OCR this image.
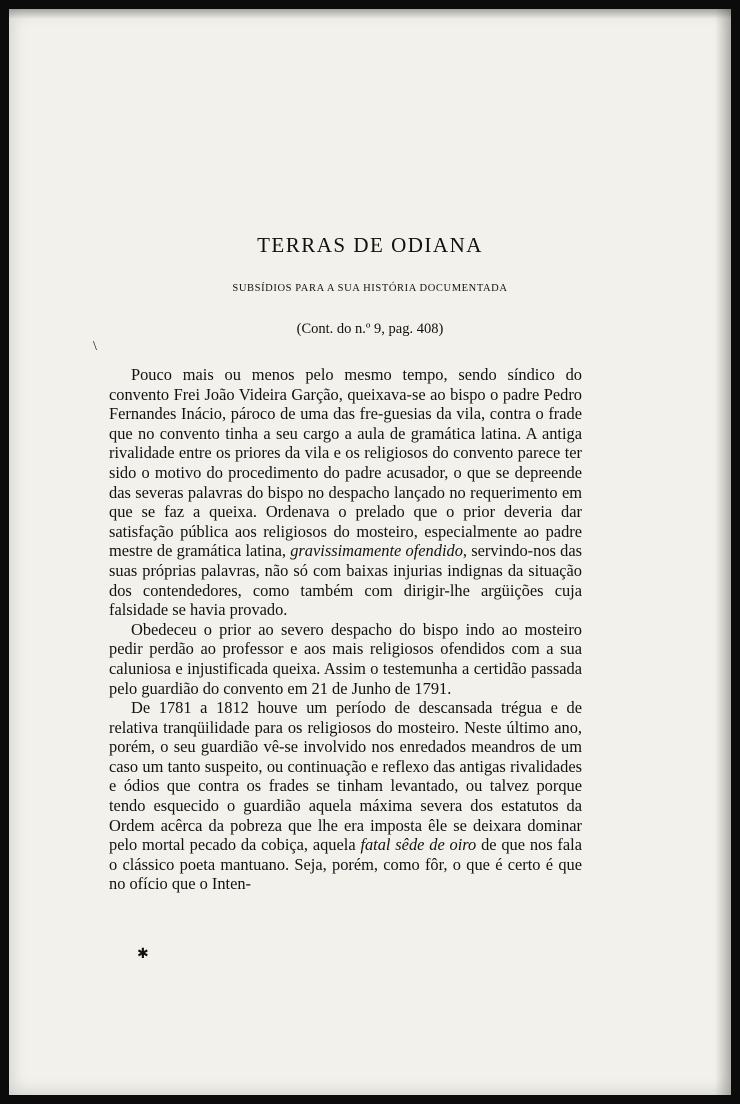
TERRAS DE ODIANA
SUBSÍDIOS PARA A SUA HISTÓRIA DOCUMENTADA
(Cont. do n.º 9, pag. 408)
\

Pouco mais ou menos pelo mesmo tempo, sendo síndico do convento Frei João Videira Garção, queixava-se ao bispo o padre Pedro Fernandes Inácio, pároco de uma das fre-guesias da vila, contra o frade que no convento tinha a seu cargo a aula de gramática latina. A antiga rivalidade entre os priores da vila e os religiosos do convento parece ter sido o motivo do procedimento do padre acusador, o que se depreende das severas palavras do bispo no despacho lançado no requerimento em que se faz a queixa. Ordenava o prelado que o prior deveria dar satisfação pública aos religiosos do mosteiro, especialmente ao padre mestre de gramática latina, gravissimamente ofendido, servindo-nos das suas próprias palavras, não só com baixas injurias indignas da situação dos contendedores, como também com dirigir-lhe argüições cuja falsidade se havia provado.

Obedeceu o prior ao severo despacho do bispo indo ao mosteiro pedir perdão ao professor e aos mais religiosos ofendidos com a sua caluniosa e injustificada queixa. Assim o testemunha a certidão passada pelo guardião do convento em 21 de Junho de 1791.

De 1781 a 1812 houve um período de descansada trégua e de relativa tranqüilidade para os religiosos do mosteiro. Neste último ano, porém, o seu guardião vê-se involvido nos enredados meandros de um caso um tanto suspeito, ou continuação e reflexo das antigas rivalidades e ódios que contra os frades se tinham levantado, ou talvez porque tendo esquecido o guardião aquela máxima severa dos estatutos da Ordem acêrca da pobreza que lhe era imposta êle se deixara dominar pelo mortal pecado da cobiça, aquela fatal sêde de oiro de que nos fala o clássico poeta mantuano. Seja, porém, como fôr, o que é certo é que no ofício que o Inten-

✱
